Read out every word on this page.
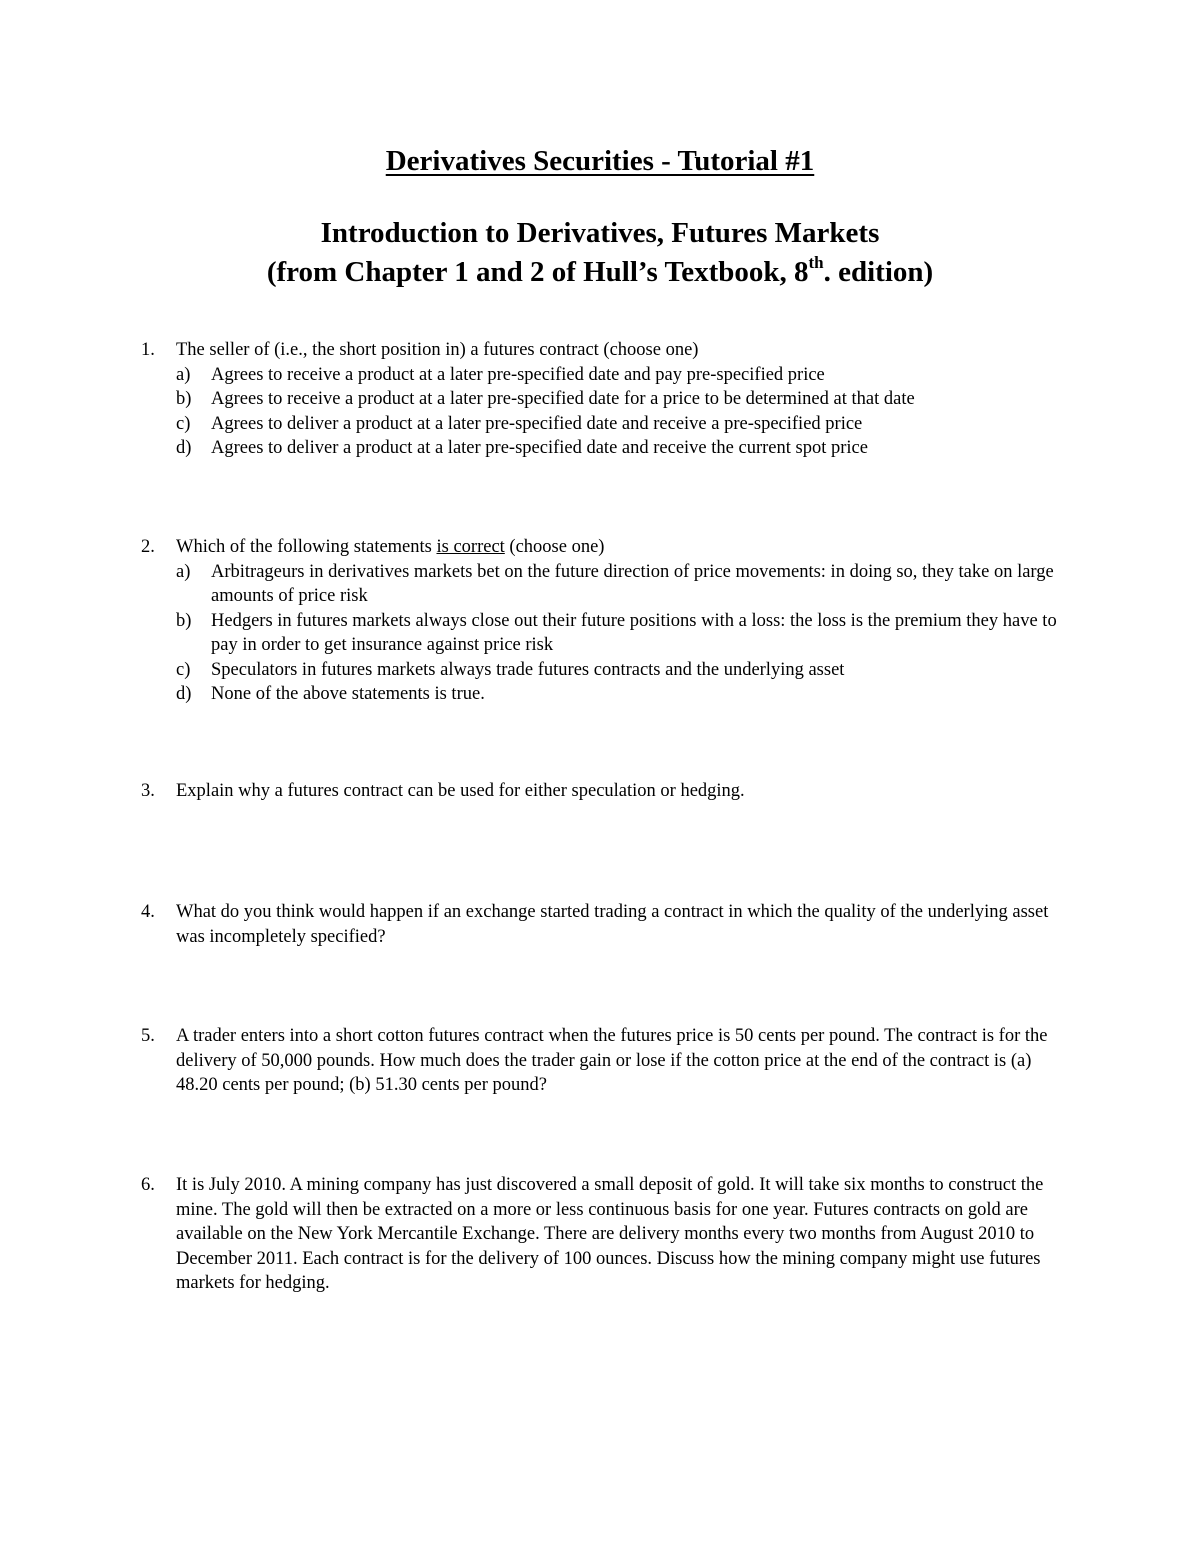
Derivatives Securities - Tutorial #1
Introduction to Derivatives, Futures Markets
(from Chapter 1 and 2 of Hull’s Textbook, 8th. edition)
1.	The seller of (i.e., the short position in) a futures contract (choose one)
a)	Agrees to receive a product at a later pre-specified date and pay pre-specified price
b)	Agrees to receive a product at a later pre-specified date for a price to be determined at that date
c)	Agrees to deliver a product at a later pre-specified date and receive a pre-specified price
d)	Agrees to deliver a product at a later pre-specified date and receive the current spot price
2.	Which of the following statements is correct (choose one)
a)	Arbitrageurs in derivatives markets bet on the future direction of price movements: in doing so, they take on large amounts of price risk
b)	Hedgers in futures markets always close out their future positions with a loss: the loss is the premium they have to pay in order to get insurance against price risk
c)	Speculators in futures markets always trade futures contracts and the underlying asset
d)	None of the above statements is true.
3.	Explain why a futures contract can be used for either speculation or hedging.
4.	What do you think would happen if an exchange started trading a contract in which the quality of the underlying asset was incompletely specified?
5.	A trader enters into a short cotton futures contract when the futures price is 50 cents per pound. The contract is for the delivery of 50,000 pounds. How much does the trader gain or lose if the cotton price at the end of the contract is (a) 48.20 cents per pound; (b) 51.30 cents per pound?
6.	It is July 2010. A mining company has just discovered a small deposit of gold. It will take six months to construct the mine. The gold will then be extracted on a more or less continuous basis for one year. Futures contracts on gold are available on the New York Mercantile Exchange. There are delivery months every two months from August 2010 to December 2011. Each contract is for the delivery of 100 ounces. Discuss how the mining company might use futures markets for hedging.
